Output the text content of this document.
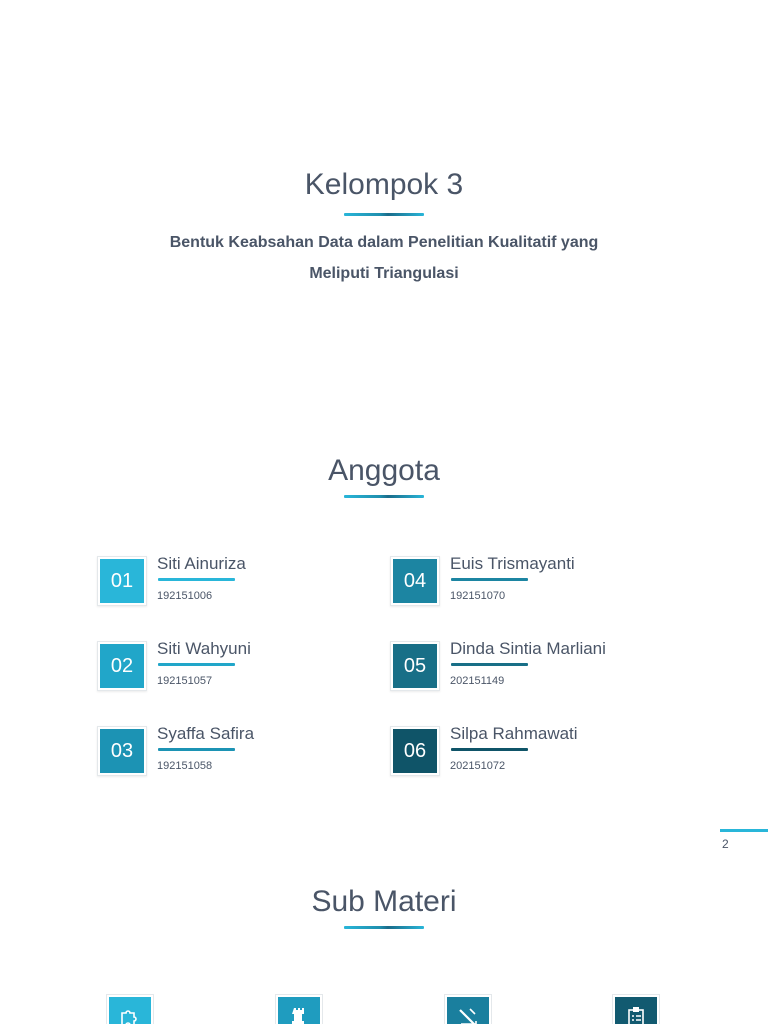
Kelompok 3
Bentuk Keabsahan Data dalam Penelitian Kualitatif yang
Meliputi Triangulasi
Anggota
01
Siti Ainuriza
192151006
02
Siti Wahyuni
192151057
03
Syaffa Safira
192151058
04
Euis Trismayanti
192151070
05
Dinda Sintia Marliani
202151149
06
Silpa Rahmawati
202151072
2
Sub Materi
